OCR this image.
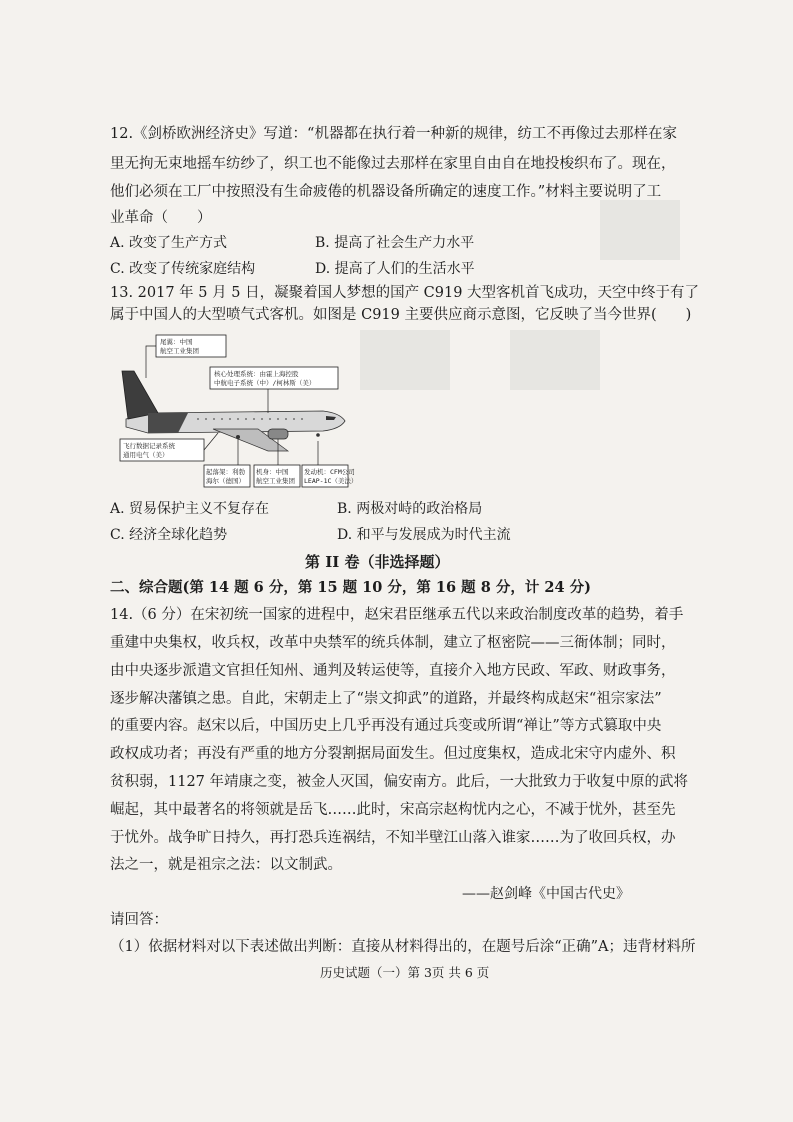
12.《剑桥欧洲经济史》写道：“机器都在执行着一种新的规律，纺工不再像过去那样在家
里无拘无束地摇车纺纱了，织工也不能像过去那样在家里自由自在地投梭织布了。现在，
他们必须在工厂中按照没有生命疲倦的机器设备所确定的速度工作。”材料主要说明了工
业革命（　　）
A. 改变了生产方式	B. 提高了社会生产力水平
C. 改变了传统家庭结构	D. 提高了人们的生活水平
13. 2017 年 5 月 5 日，凝聚着国人梦想的国产 C919 大型客机首飞成功，天空中终于有了
属于中国人的大型喷气式客机。如图是 C919 主要供应商示意图，它反映了当今世界(　　)
尾翼：中国
航空工业集团
核心处理系统：由霍上海控股
中航电子系统（中）/柯林斯（美）
飞行数据记录系统
通用电气（美）
起落架：利勃
海尔（德国）
机身：中国
航空工业集团
发动机：CFM公司
LEAP-1C（美法）
A. 贸易保护主义不复存在	B. 两极对峙的政治格局
C. 经济全球化趋势	D. 和平与发展成为时代主流
第 II 卷（非选择题）
二、综合题(第 14 题 6 分，第 15 题 10 分，第 16 题 8 分，计 24 分)
14.（6 分）在宋初统一国家的进程中，赵宋君臣继承五代以来政治制度改革的趋势，着手
重建中央集权，收兵权，改革中央禁军的统兵体制，建立了枢密院——三衙体制；同时，
由中央逐步派遣文官担任知州、通判及转运使等，直接介入地方民政、军政、财政事务，
逐步解决藩镇之患。自此，宋朝走上了“崇文抑武”的道路，并最终构成赵宋“祖宗家法”
的重要内容。赵宋以后，中国历史上几乎再没有通过兵变或所谓“禅让”等方式篡取中央
政权成功者；再没有严重的地方分裂割据局面发生。但过度集权，造成北宋守内虚外、积
贫积弱，1127 年靖康之变，被金人灭国，偏安南方。此后，一大批致力于收复中原的武将
崛起，其中最著名的将领就是岳飞……此时，宋高宗赵构忧内之心，不减于忧外，甚至先
于忧外。战争旷日持久，再打恐兵连祸结，不知半壁江山落入谁家……为了收回兵权，办
法之一，就是祖宗之法：以文制武。
——赵剑峰《中国古代史》
请回答：
（1）依据材料对以下表述做出判断：直接从材料得出的，在题号后涂“正确”A；违背材料所
历史试题（一）第 3页 共 6 页
